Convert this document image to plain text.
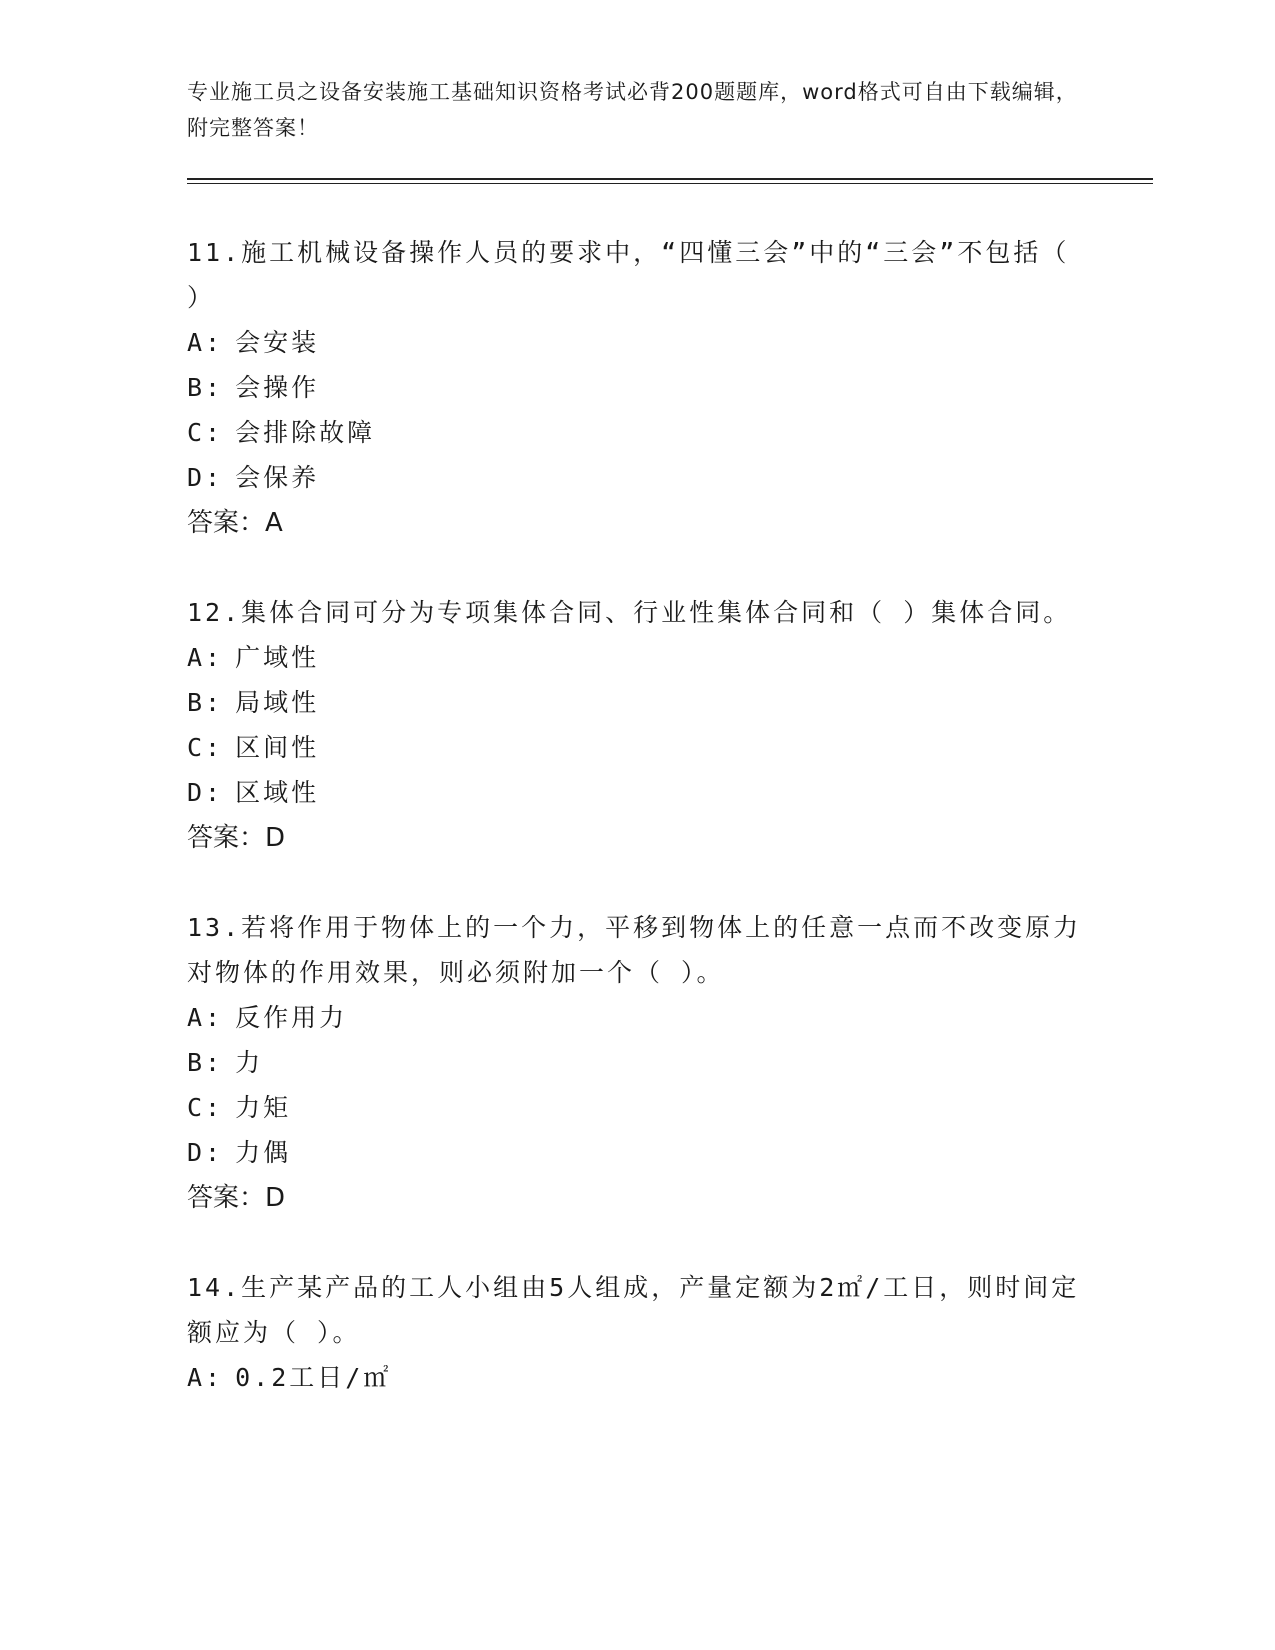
专业施工员之设备安装施工基础知识资格考试必背200题题库，word格式可自由下载编辑，附完整答案！

11.施工机械设备操作人员的要求中，“四懂三会”中的“三会”不包括（ ）

A: 会安装
B: 会操作
C: 会排除故障
D: 会保养
答案：A

12.集体合同可分为专项集体合同、行业性集体合同和（ ）集体合同。

A: 广域性
B: 局域性
C: 区间性
D: 区域性
答案：D

13.若将作用于物体上的一个力，平移到物体上的任意一点而不改变原力对物体的作用效果，则必须附加一个（ ）。

A: 反作用力
B: 力
C: 力矩
D: 力偶
答案：D

14.生产某产品的工人小组由5人组成，产量定额为2㎡/工日，则时间定额应为（ ）。

A: 0.2工日/㎡
